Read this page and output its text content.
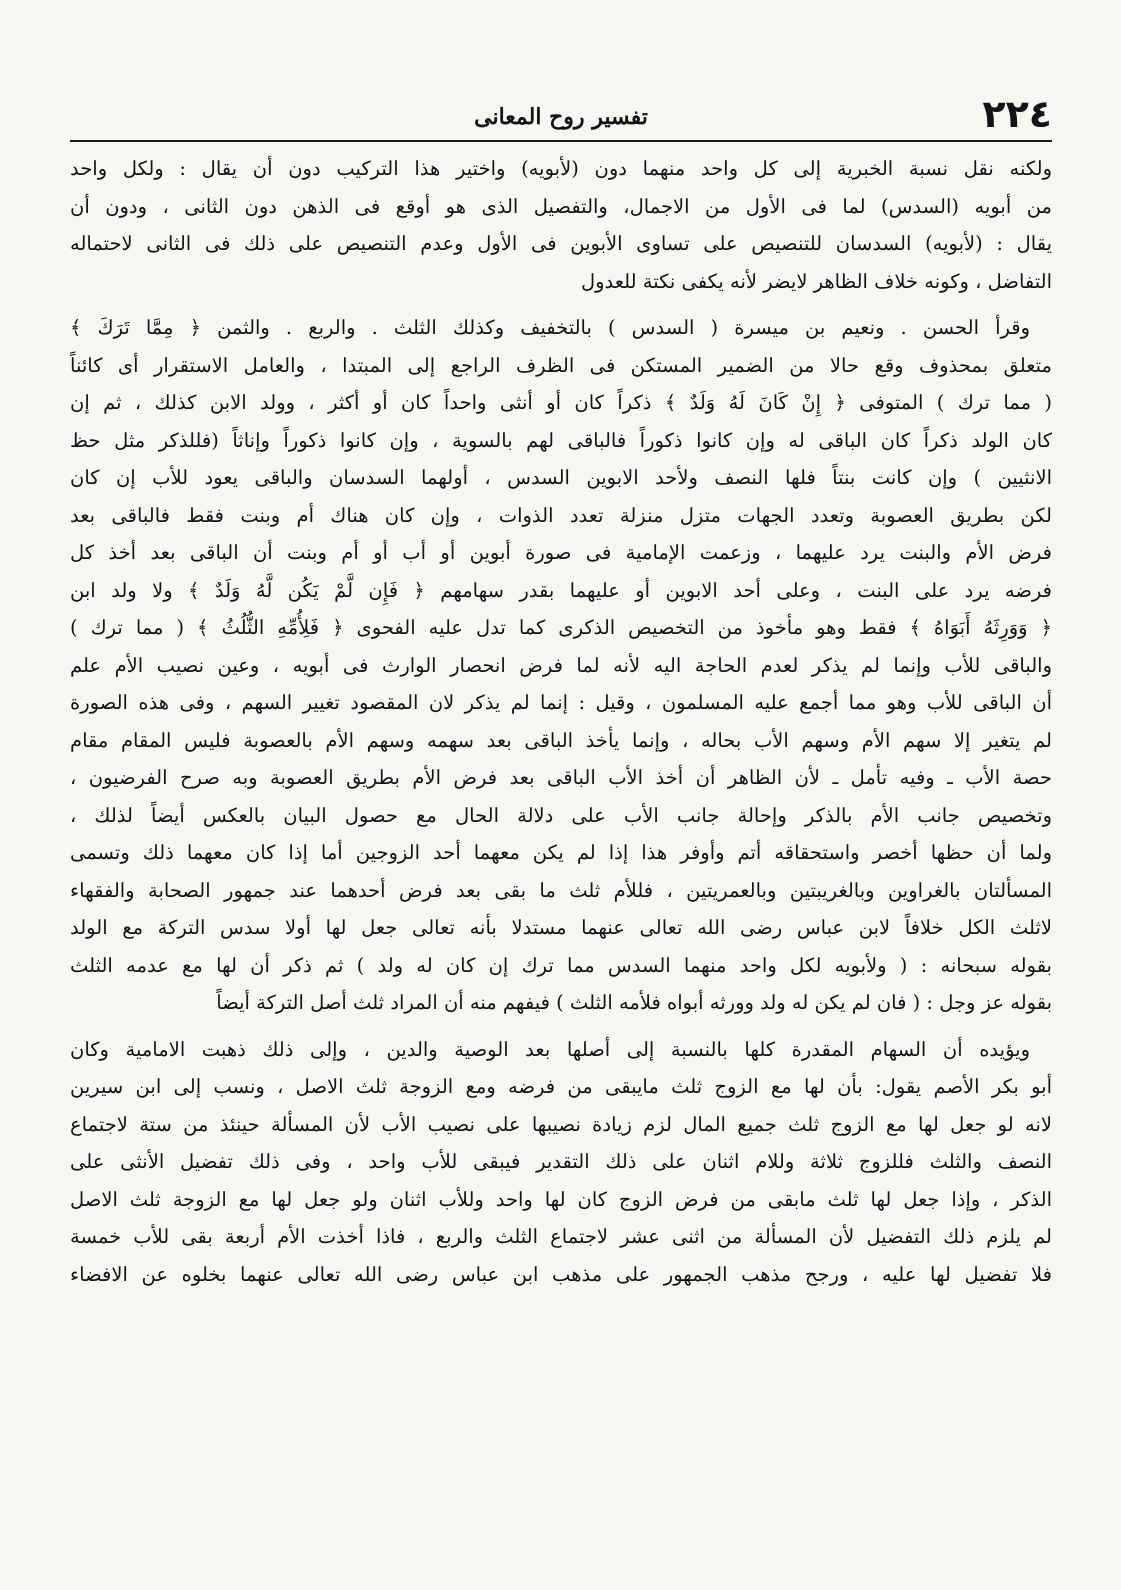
٢٢٤
تفسير روح المعانى

ولكنه نقل نسبة الخبرية إلى كل واحد منهما دون (لأبويه) واختير هذا التركيب دون أن يقال : ولكل واحد
من أبويه (السدس) لما فى الأول من الاجمال، والتفصيل الذى هو أوقع فى الذهن دون الثانى ، ودون أن
يقال : (لأبويه) السدسان للتنصيص على تساوى الأبوين فى الأول وعدم التنصيص على ذلك فى الثانى لاحتماله
التفاضل ، وكونه خلاف الظاهر لايضر لأنه يكفى نكتة للعدول

وقرأ الحسن . ونعيم بن ميسرة ( السدس ) بالتخفيف وكذلك الثلث . والربع . والثمن ﴿ مِمَّا تَرَكَ ﴾
متعلق بمحذوف وقع حالا من الضمير المستكن فى الظرف الراجع إلى المبتدا ، والعامل الاستقرار أى كائناً
( مما ترك ) المتوفى ﴿ إِنْ كَانَ لَهُ وَلَدٌ ﴾ ذكراً كان أو أنثى واحداً كان أو أكثر ، وولد الابن كذلك ، ثم إن
كان الولد ذكراً كان الباقى له وإن كانوا ذكوراً فالباقى لهم بالسوية ، وإن كانوا ذكوراً وإناثاً (فللذكر مثل حظ
الانثيين ) وإن كانت بنتاً فلها النصف ولأحد الابوين السدس ، أولهما السدسان والباقى يعود للأب إن كان
لكن بطريق العصوبة وتعدد الجهات متزل منزلة تعدد الذوات ، وإن كان هناك أم وبنت فقط فالباقى بعد
فرض الأم والبنت يرد عليهما ، وزعمت الإمامية فى صورة أبوين أو أب أو أم وبنت أن الباقى بعد أخذ كل
فرضه يرد على البنت ، وعلى أحد الابوين أو عليهما بقدر سهامهم ﴿ فَإِن لَّمْ يَكُن لَّهُ وَلَدٌ ﴾ ولا ولد ابن
﴿ وَوَرِثَهُ أَبَوَاهُ ﴾ فقط وهو مأخوذ من التخصيص الذكرى كما تدل عليه الفحوى ﴿ فَلِأُمِّهِ الثُّلُثُ ﴾ ( مما ترك )
والباقى للأب وإنما لم يذكر لعدم الحاجة اليه لأنه لما فرض انحصار الوارث فى أبويه ، وعين نصيب الأم علم
أن الباقى للأب وهو مما أجمع عليه المسلمون ، وقيل : إنما لم يذكر لان المقصود تغيير السهم ، وفى هذه الصورة
لم يتغير إلا سهم الأم وسهم الأب بحاله ، وإنما يأخذ الباقى بعد سهمه وسهم الأم بالعصوبة فليس المقام مقام
حصة الأب ـ وفيه تأمل ـ لأن الظاهر أن أخذ الأب الباقى بعد فرض الأم بطريق العصوبة وبه صرح الفرضيون ،
وتخصيص جانب الأم بالذكر وإحالة جانب الأب على دلالة الحال مع حصول البيان بالعكس أيضاً لذلك ،
ولما أن حظها أخصر واستحقاقه أتم وأوفر هذا إذا لم يكن معهما أحد الزوجين أما إذا كان معهما ذلك وتسمى
المسألتان بالغراوين وبالغريبتين وبالعمريتين ، فللأم ثلث ما بقى بعد فرض أحدهما عند جمهور الصحابة والفقهاء
لاثلث الكل خلافاً لابن عباس رضى الله تعالى عنهما مستدلا بأنه تعالى جعل لها أولا سدس التركة مع الولد
بقوله سبحانه : ( ولأبويه لكل واحد منهما السدس مما ترك إن كان له ولد ) ثم ذكر أن لها مع عدمه الثلث
بقوله عز وجل : ( فان لم يكن له ولد وورثه أبواه فلأمه الثلث ) فيفهم منه أن المراد ثلث أصل التركة أيضاً

ويؤيده أن السهام المقدرة كلها بالنسبة إلى أصلها بعد الوصية والدين ، وإلى ذلك ذهبت الامامية وكان
أبو بكر الأصم يقول: بأن لها مع الزوج ثلث مايبقى من فرضه ومع الزوجة ثلث الاصل ، ونسب إلى ابن سيرين
لانه لو جعل لها مع الزوج ثلث جميع المال لزم زيادة نصيبها على نصيب الأب لأن المسألة حينئذ من ستة لاجتماع
النصف والثلث فللزوج ثلاثة وللام اثنان على ذلك التقدير فيبقى للأب واحد ، وفى ذلك تفضيل الأنثى على
الذكر ، وإذا جعل لها ثلث مابقى من فرض الزوج كان لها واحد وللأب اثنان ولو جعل لها مع الزوجة ثلث الاصل
لم يلزم ذلك التفضيل لأن المسألة من اثنى عشر لاجتماع الثلث والربع ، فاذا أخذت الأم أربعة بقى للأب خمسة
فلا تفضيل لها عليه ، ورجح مذهب الجمهور على مذهب ابن عباس رضى الله تعالى عنهما بخلوه عن الافضاء
